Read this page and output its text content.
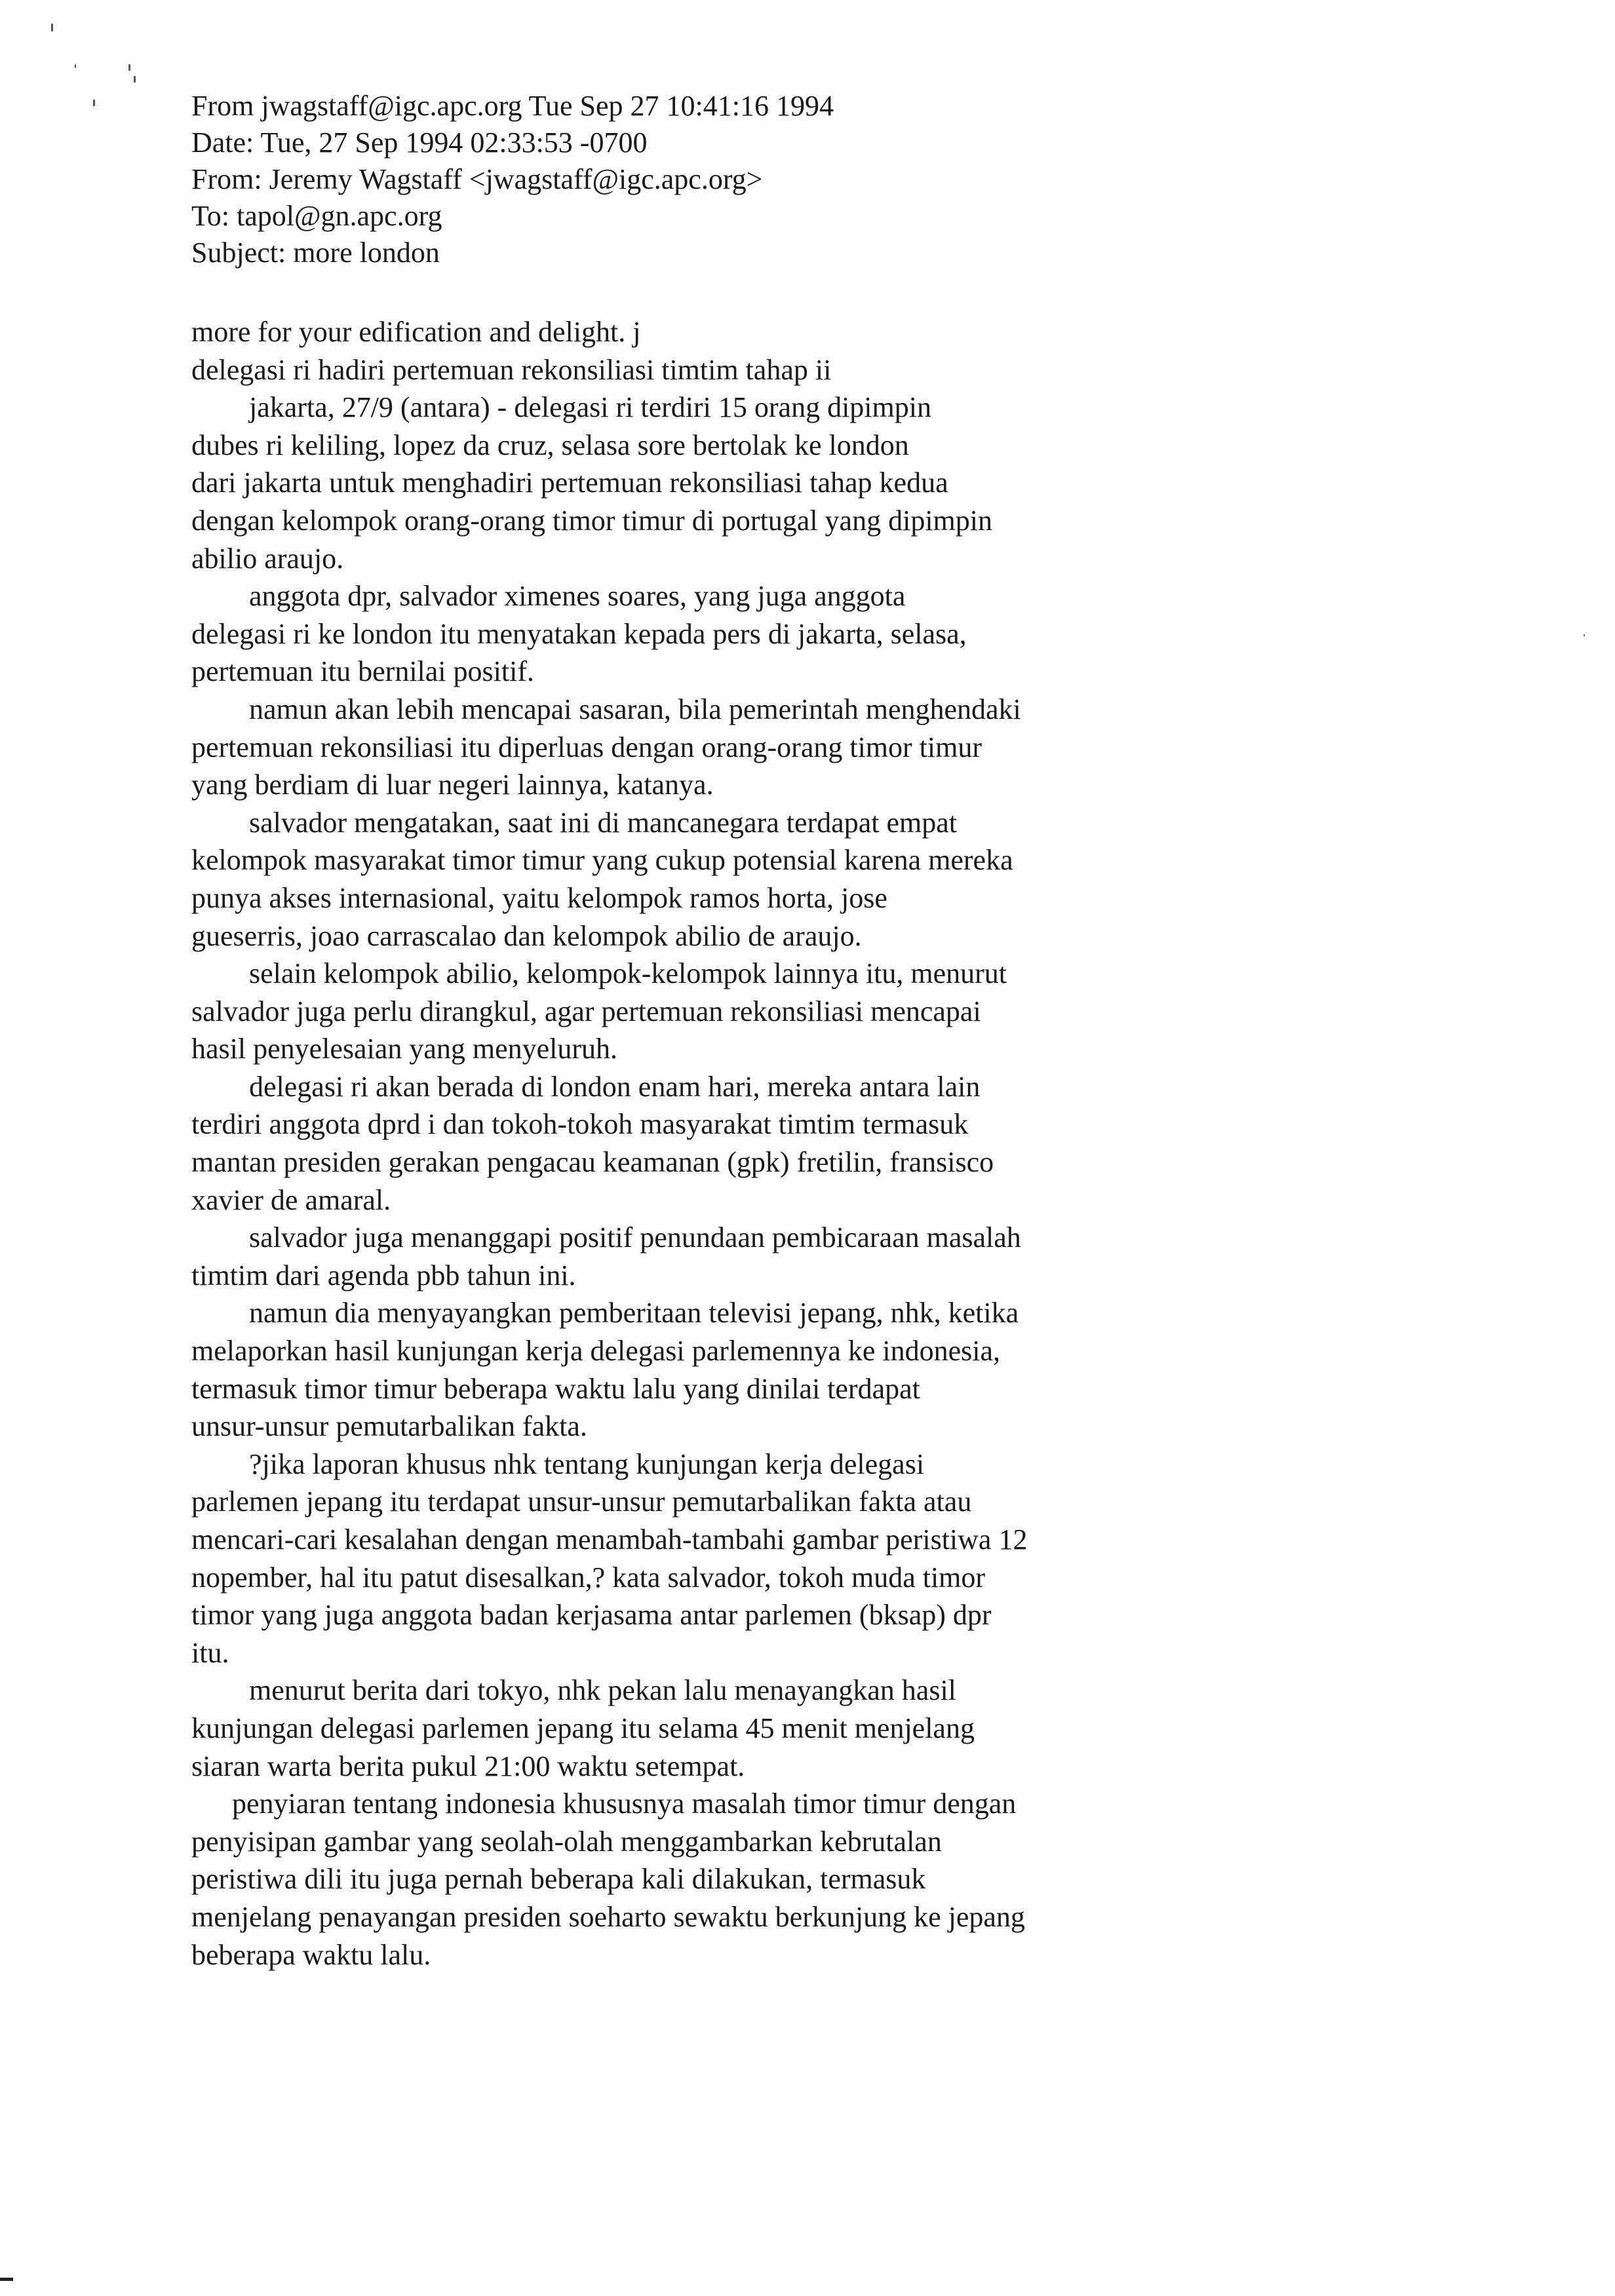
From jwagstaff@igc.apc.org Tue Sep 27 10:41:16 1994
Date: Tue, 27 Sep 1994 02:33:53 -0700
From: Jeremy Wagstaff <jwagstaff@igc.apc.org>
To: tapol@gn.apc.org
Subject: more london
more for your edification and delight. j
delegasi ri hadiri pertemuan rekonsiliasi timtim tahap ii
jakarta, 27/9 (antara) - delegasi ri terdiri 15 orang dipimpin
dubes ri keliling, lopez da cruz, selasa sore bertolak ke london
dari jakarta untuk menghadiri pertemuan rekonsiliasi tahap kedua
dengan kelompok orang-orang timor timur di portugal yang dipimpin
abilio araujo.
anggota dpr, salvador ximenes soares, yang juga anggota
delegasi ri ke london itu menyatakan kepada pers di jakarta, selasa,
pertemuan itu bernilai positif.
namun akan lebih mencapai sasaran, bila pemerintah menghendaki
pertemuan rekonsiliasi itu diperluas dengan orang-orang timor timur
yang berdiam di luar negeri lainnya, katanya.
salvador mengatakan, saat ini di mancanegara terdapat empat
kelompok masyarakat timor timur yang cukup potensial karena mereka
punya akses internasional, yaitu kelompok ramos horta, jose
gueserris, joao carrascalao dan kelompok abilio de araujo.
selain kelompok abilio, kelompok-kelompok lainnya itu, menurut
salvador juga perlu dirangkul, agar pertemuan rekonsiliasi mencapai
hasil penyelesaian yang menyeluruh.
delegasi ri akan berada di london enam hari, mereka antara lain
terdiri anggota dprd i dan tokoh-tokoh masyarakat timtim termasuk
mantan presiden gerakan pengacau keamanan (gpk) fretilin, fransisco
xavier de amaral.
salvador juga menanggapi positif penundaan pembicaraan masalah
timtim dari agenda pbb tahun ini.
namun dia menyayangkan pemberitaan televisi jepang, nhk, ketika
melaporkan hasil kunjungan kerja delegasi parlemennya ke indonesia,
termasuk timor timur beberapa waktu lalu yang dinilai terdapat
unsur-unsur pemutarbalikan fakta.
?jika laporan khusus nhk tentang kunjungan kerja delegasi
parlemen jepang itu terdapat unsur-unsur pemutarbalikan fakta atau
mencari-cari kesalahan dengan menambah-tambahi gambar peristiwa 12
nopember, hal itu patut disesalkan,? kata salvador, tokoh muda timor
timor yang juga anggota badan kerjasama antar parlemen (bksap) dpr
itu.
menurut berita dari tokyo, nhk pekan lalu menayangkan hasil
kunjungan delegasi parlemen jepang itu selama 45 menit menjelang
siaran warta berita pukul 21:00 waktu setempat.
penyiaran tentang indonesia khususnya masalah timor timur dengan
penyisipan gambar yang seolah-olah menggambarkan kebrutalan
peristiwa dili itu juga pernah beberapa kali dilakukan, termasuk
menjelang penayangan presiden soeharto sewaktu berkunjung ke jepang
beberapa waktu lalu.
